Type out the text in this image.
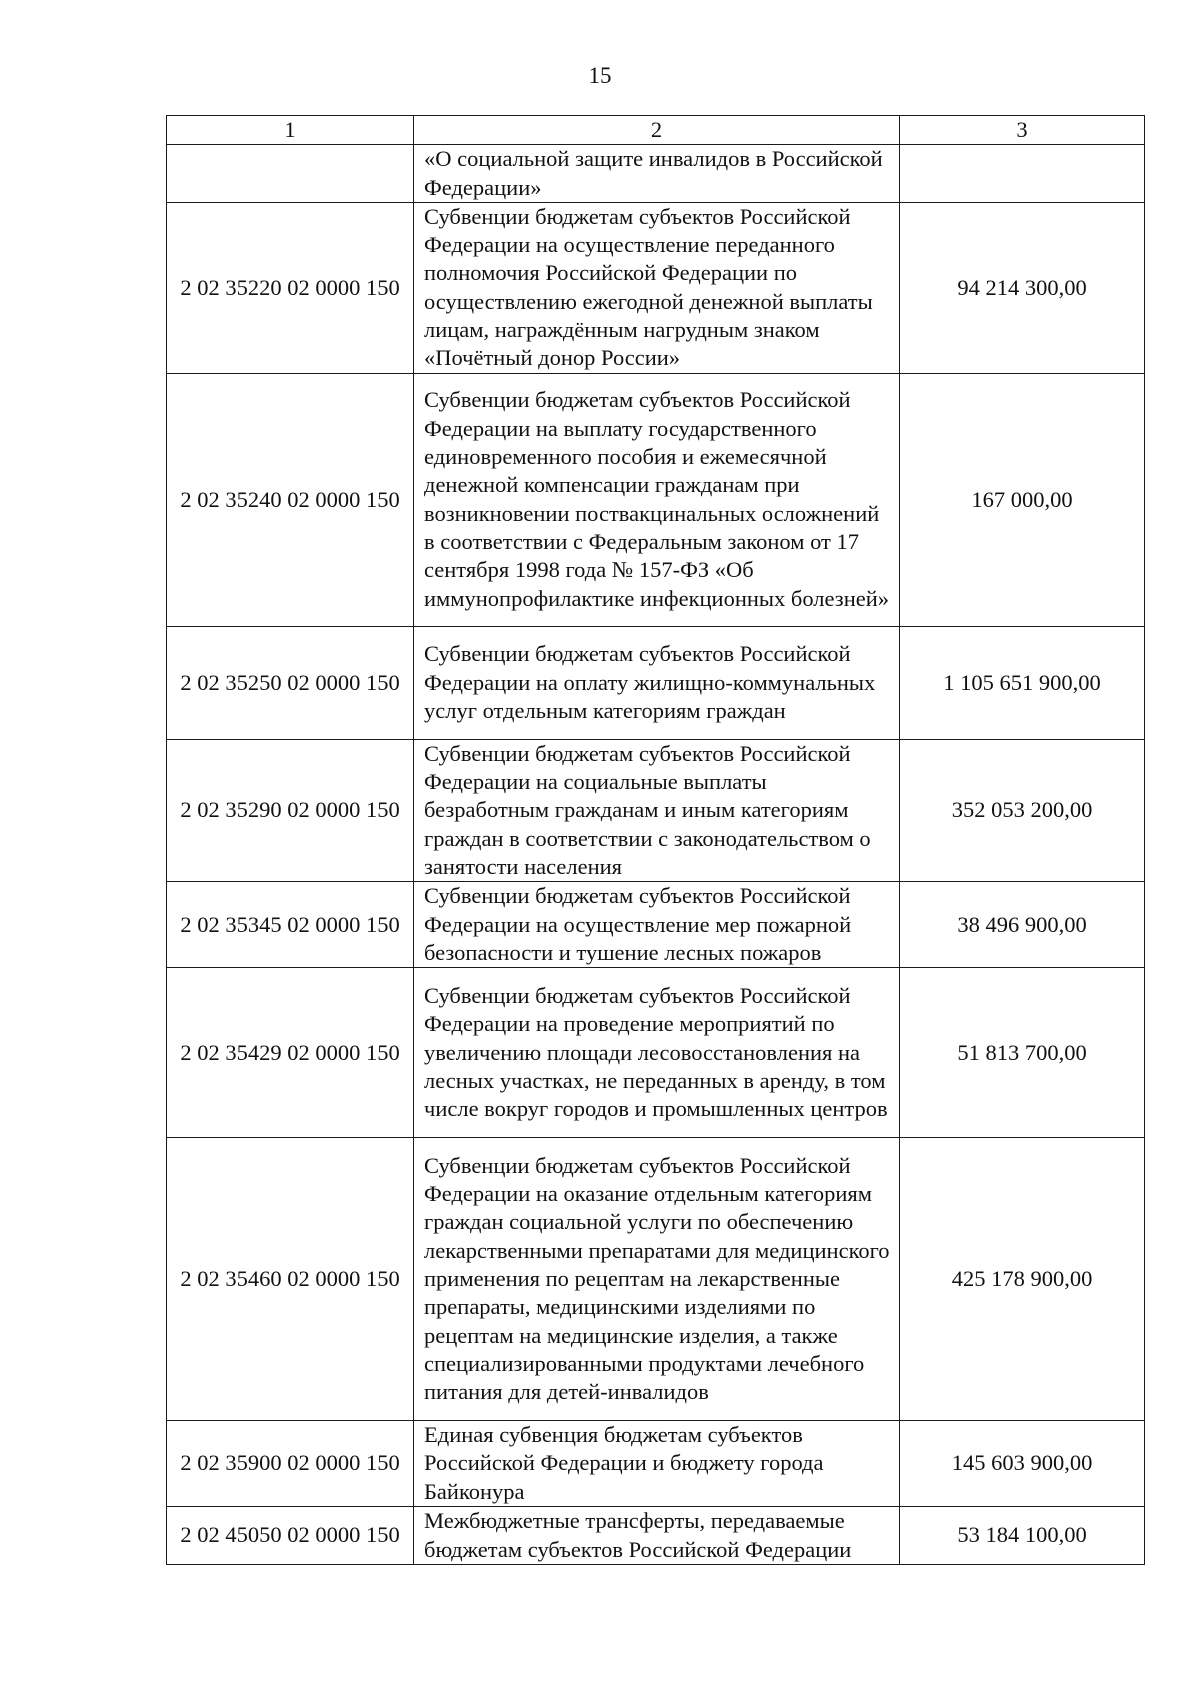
15
1	2	3
	«О социальной защите инвалидов в Российской Федерации»	
2 02 35220 02 0000 150	Субвенции бюджетам субъектов Российской Федерации на осуществление переданного полномочия Российской Федерации по осуществлению ежегодной денежной выплаты лицам, награждённым нагрудным знаком «Почётный донор России»	94 214 300,00
2 02 35240 02 0000 150	Субвенции бюджетам субъектов Российской Федерации на выплату государственного единовременного пособия и ежемесячной денежной компенсации гражданам при возникновении поствакцинальных осложнений в соответствии с Федеральным законом от 17 сентября 1998 года № 157-ФЗ «Об иммунопрофилактике инфекционных болезней»	167 000,00
2 02 35250 02 0000 150	Субвенции бюджетам субъектов Российской Федерации на оплату жилищно-коммунальных услуг отдельным категориям граждан	1 105 651 900,00
2 02 35290 02 0000 150	Субвенции бюджетам субъектов Российской Федерации на социальные выплаты безработным гражданам и иным категориям граждан в соответствии с законодательством о занятости населения	352 053 200,00
2 02 35345 02 0000 150	Субвенции бюджетам субъектов Российской Федерации на осуществление мер пожарной безопасности и тушение лесных пожаров	38 496 900,00
2 02 35429 02 0000 150	Субвенции бюджетам субъектов Российской Федерации на проведение мероприятий по увеличению площади лесовосстановления на лесных участках, не переданных в аренду, в том числе вокруг городов и промышленных центров	51 813 700,00
2 02 35460 02 0000 150	Субвенции бюджетам субъектов Российской Федерации на оказание отдельным категориям граждан социальной услуги по обеспечению лекарственными препаратами для медицинского применения по рецептам на лекарственные препараты, медицинскими изделиями по рецептам на медицинские изделия, а также специализированными продуктами лечебного питания для детей-инвалидов	425 178 900,00
2 02 35900 02 0000 150	Единая субвенция бюджетам субъектов Российской Федерации и бюджету города Байконура	145 603 900,00
2 02 45050 02 0000 150	Межбюджетные трансферты, передаваемые бюджетам субъектов Российской Федерации	53 184 100,00
